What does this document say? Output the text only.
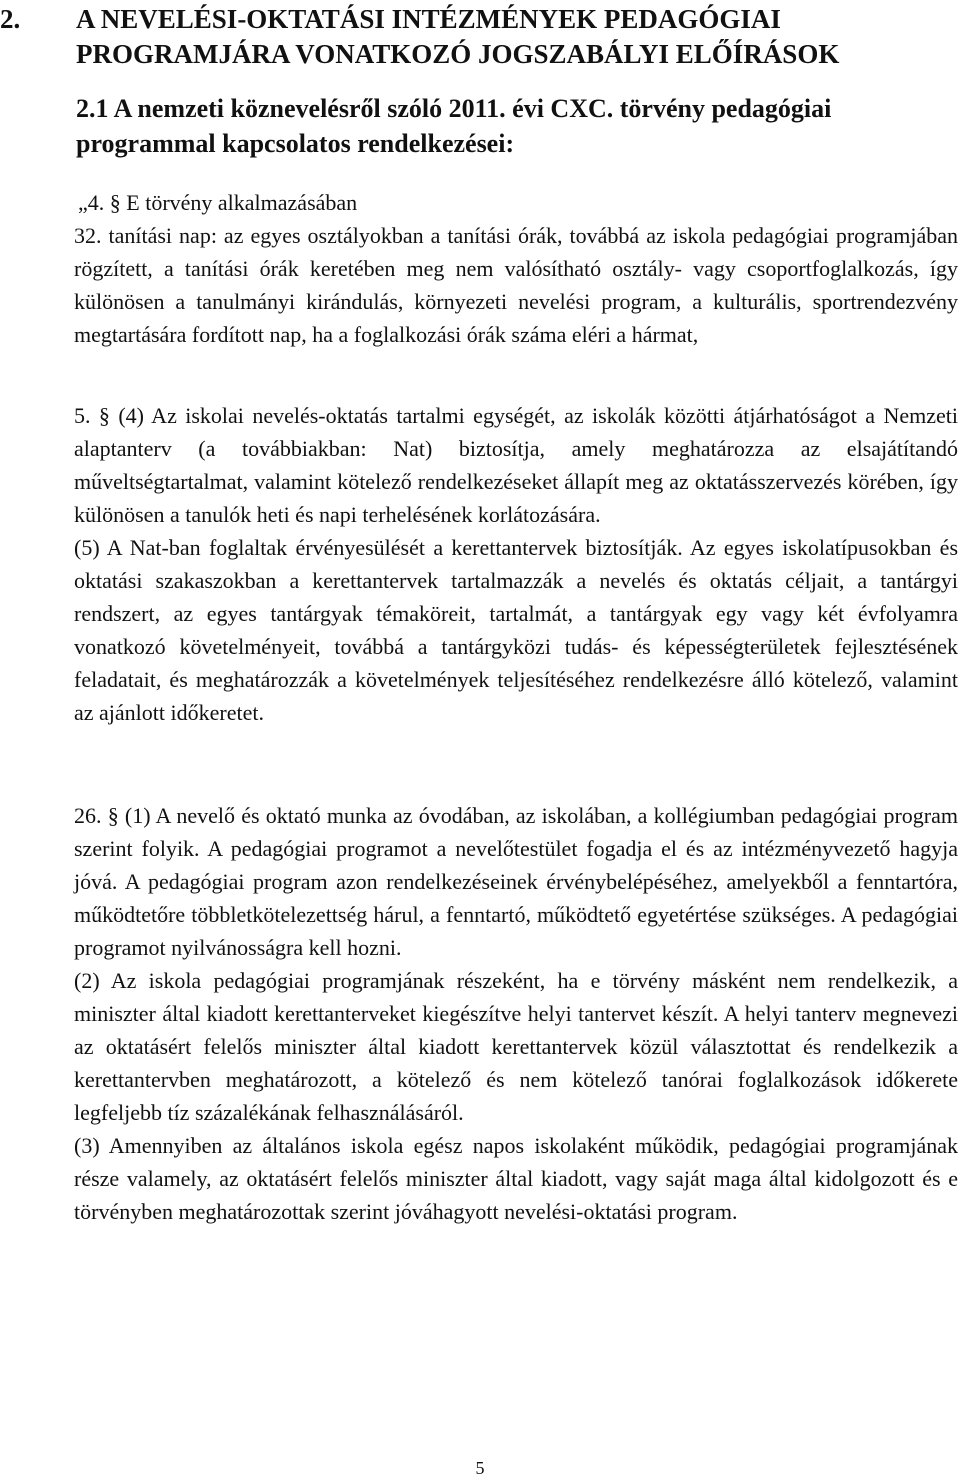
2. A NEVELÉSI-OKTATÁSI INTÉZMÉNYEK PEDAGÓGIAI PROGRAMJÁRA VONATKOZÓ JOGSZABÁLYI ELŐÍRÁSOK
2.1 A nemzeti köznevelésről szóló 2011. évi CXC. törvény pedagógiai programmal kapcsolatos rendelkezései:

„4. § E törvény alkalmazásában

32. tanítási nap: az egyes osztályokban a tanítási órák, továbbá az iskola pedagógiai programjában rögzített, a tanítási órák keretében meg nem valósítható osztály- vagy csoportfoglalkozás, így különösen a tanulmányi kirándulás, környezeti nevelési program, a kulturális, sportrendezvény megtartására fordított nap, ha a foglalkozási órák száma eléri a hármat,

5. § (4) Az iskolai nevelés-oktatás tartalmi egységét, az iskolák közötti átjárhatóságot a Nemzeti alaptanterv (a továbbiakban: Nat) biztosítja, amely meghatározza az elsajátítandó műveltségtartalmat, valamint kötelező rendelkezéseket állapít meg az oktatásszervezés körében, így különösen a tanulók heti és napi terhelésének korlátozására.

(5) A Nat-ban foglaltak érvényesülését a kerettantervek biztosítják. Az egyes iskolatípusokban és oktatási szakaszokban a kerettantervek tartalmazzák a nevelés és oktatás céljait, a tantárgyi rendszert, az egyes tantárgyak témaköreit, tartalmát, a tantárgyak egy vagy két évfolyamra vonatkozó követelményeit, továbbá a tantárgyközi tudás- és képességterületek fejlesztésének feladatait, és meghatározzák a követelmények teljesítéséhez rendelkezésre álló kötelező, valamint az ajánlott időkeretet.

26. § (1) A nevelő és oktató munka az óvodában, az iskolában, a kollégiumban pedagógiai program szerint folyik. A pedagógiai programot a nevelőtestület fogadja el és az intézményvezető hagyja jóvá. A pedagógiai program azon rendelkezéseinek érvénybelépéséhez, amelyekből a fenntartóra, működtetőre többletkötelezettség hárul, a fenntartó, működtető egyetértése szükséges. A pedagógiai programot nyilvánosságra kell hozni.

(2) Az iskola pedagógiai programjának részeként, ha e törvény másként nem rendelkezik, a miniszter által kiadott kerettanterveket kiegészítve helyi tantervet készít. A helyi tanterv megnevezi az oktatásért felelős miniszter által kiadott kerettantervek közül választottat és rendelkezik a kerettantervben meghatározott, a kötelező és nem kötelező tanórai foglalkozások időkerete legfeljebb tíz százalékának felhasználásáról.

(3) Amennyiben az általános iskola egész napos iskolaként működik, pedagógiai programjának része valamely, az oktatásért felelős miniszter által kiadott, vagy saját maga által kidolgozott és e törvényben meghatározottak szerint jóváhagyott nevelési-oktatási program.

5
